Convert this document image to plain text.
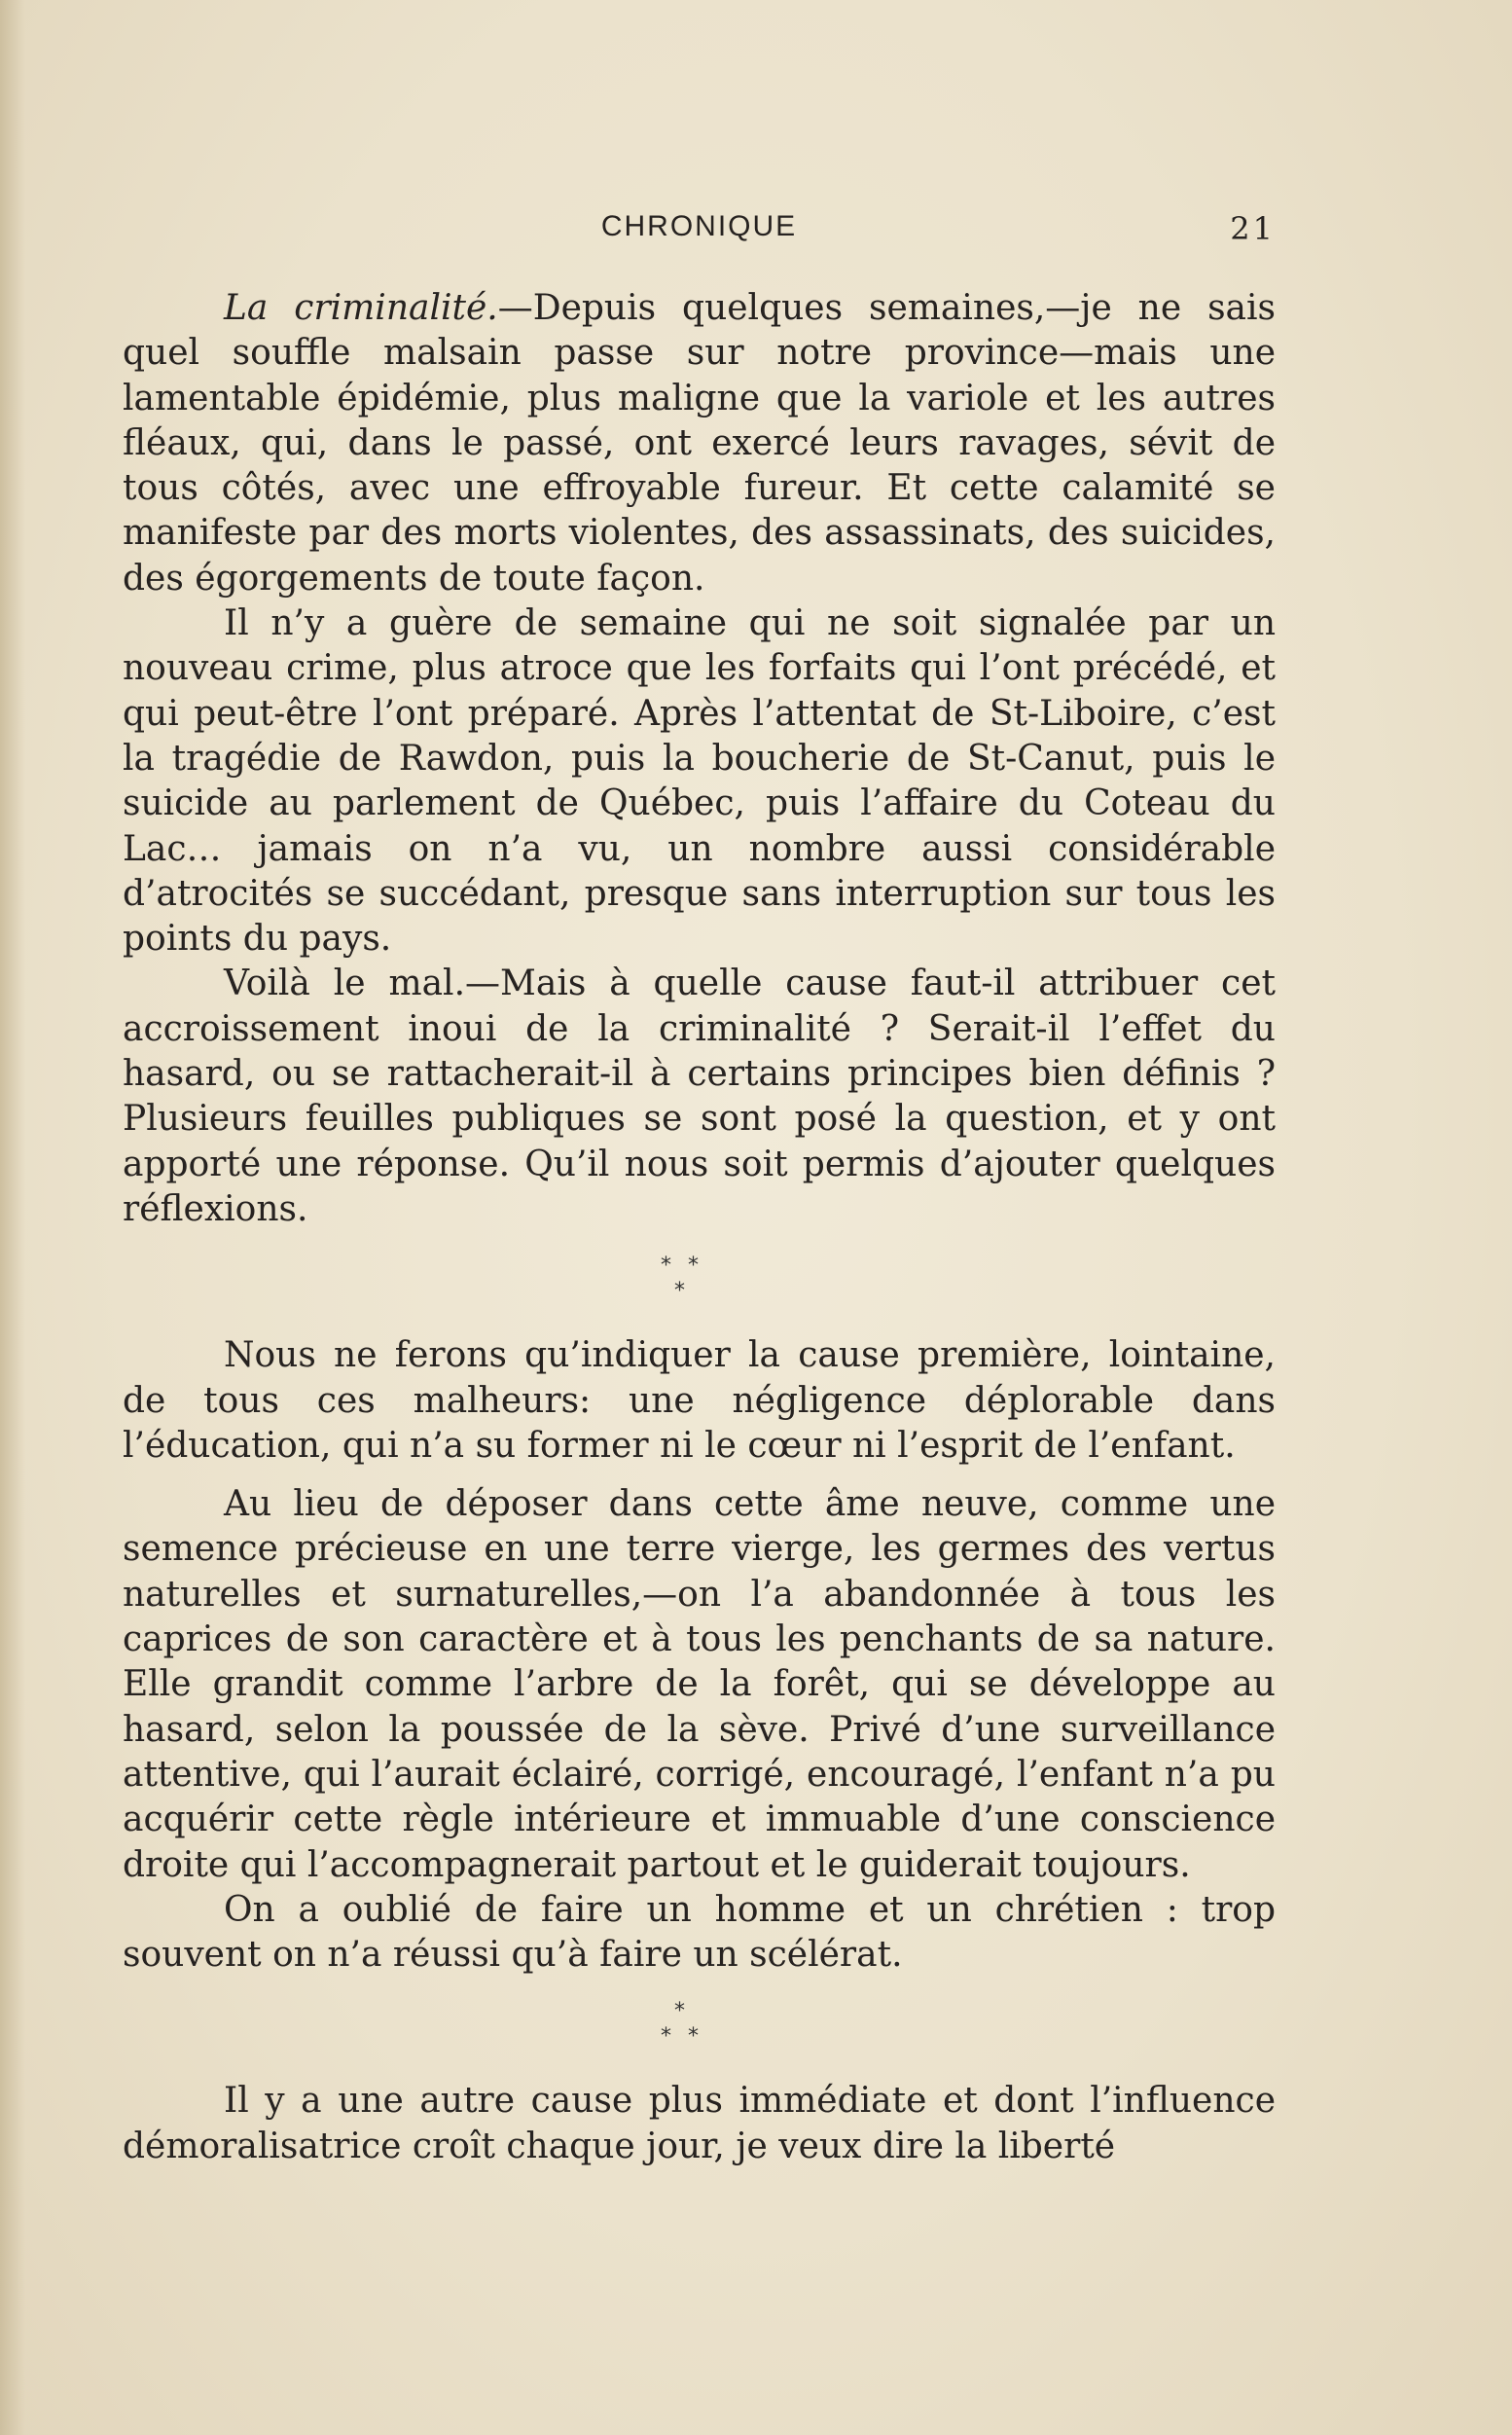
CHRONIQUE	21

La criminalité.—Depuis quelques semaines,—je ne sais quel souffle malsain passe sur notre province—mais une lamentable épidémie, plus maligne que la variole et les autres fléaux, qui, dans le passé, ont exercé leurs ravages, sévit de tous côtés, avec une effroyable fureur. Et cette calamité se manifeste par des morts violentes, des assassinats, des suicides, des égorgements de toute façon.

Il n’y a guère de semaine qui ne soit signalée par un nouveau crime, plus atroce que les forfaits qui l’ont précédé, et qui peut-être l’ont préparé. Après l’attentat de St-Liboire, c’est la tragédie de Rawdon, puis la boucherie de St-Canut, puis le suicide au parlement de Québec, puis l’affaire du Coteau du Lac… jamais on n’a vu, un nombre aussi considérable d’atrocités se succédant, presque sans interruption sur tous les points du pays.

Voilà le mal.—Mais à quelle cause faut-il attribuer cet accroissement inoui de la criminalité ? Serait-il l’effet du hasard, ou se rattacherait-il à certains principes bien définis ? Plusieurs feuilles publiques se sont posé la question, et y ont apporté une réponse. Qu’il nous soit permis d’ajouter quelques réflexions.

* *
*

Nous ne ferons qu’indiquer la cause première, lointaine, de tous ces malheurs: une négligence déplorable dans l’éducation, qui n’a su former ni le cœur ni l’esprit de l’enfant.

Au lieu de déposer dans cette âme neuve, comme une semence précieuse en une terre vierge, les germes des vertus naturelles et surnaturelles,—on l’a abandonnée à tous les caprices de son caractère et à tous les penchants de sa nature. Elle grandit comme l’arbre de la forêt, qui se développe au hasard, selon la poussée de la sève. Privé d’une surveillance attentive, qui l’aurait éclairé, corrigé, encouragé, l’enfant n’a pu acquérir cette règle intérieure et immuable d’une conscience droite qui l’accompagnerait partout et le guiderait toujours.

On a oublié de faire un homme et un chrétien : trop souvent on n’a réussi qu’à faire un scélérat.

*
* *

Il y a une autre cause plus immédiate et dont l’influence démoralisatrice croît chaque jour, je veux dire la liberté
